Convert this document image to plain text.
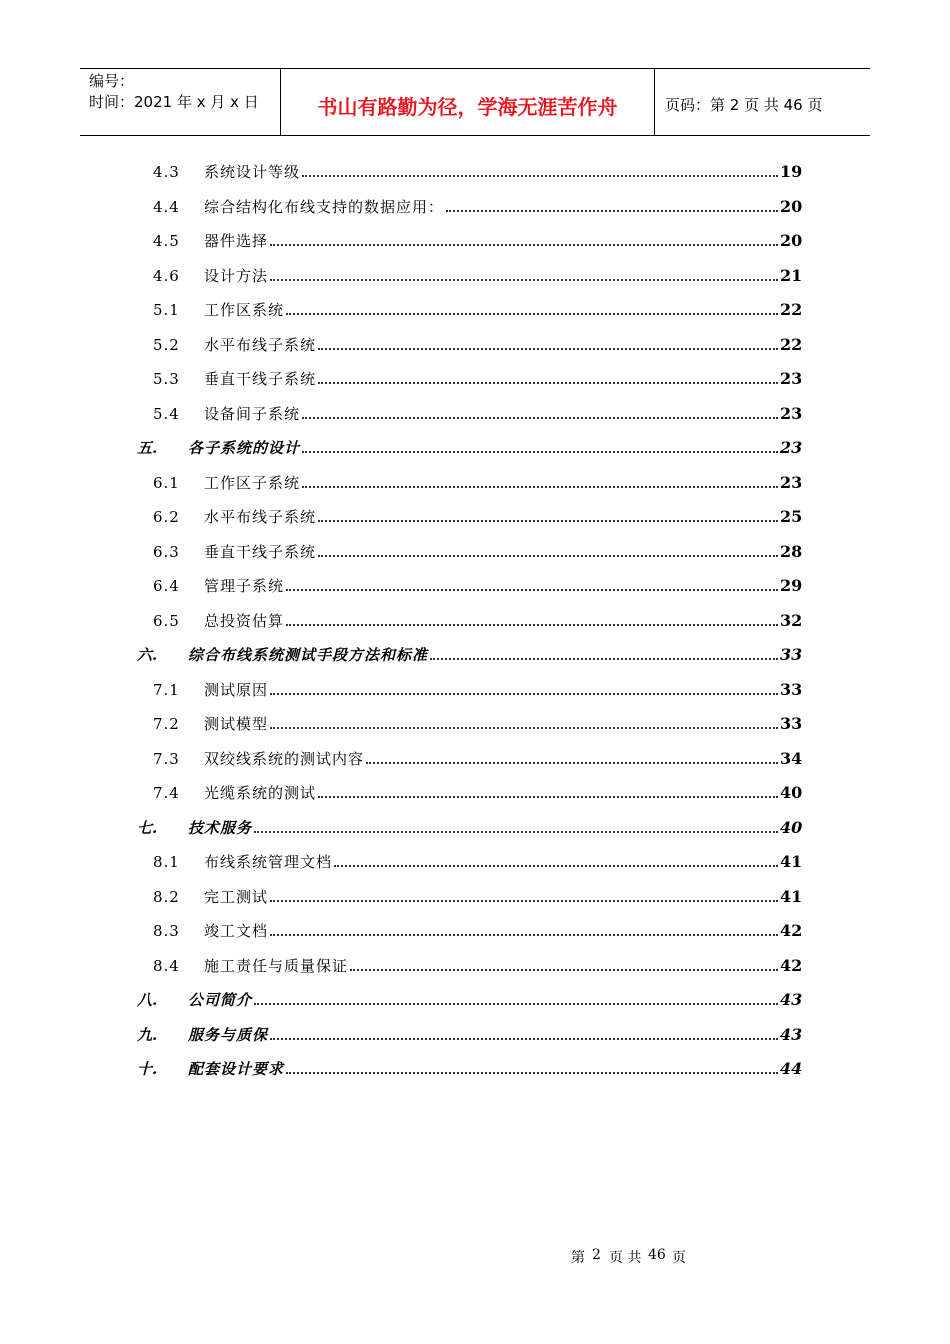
编号：
时间：2021 年 x 月 x 日	书山有路勤为径，学海无涯苦作舟	页码：第 2 页 共 46 页
4.3 系统设计等级	19
4.4 综合结构化布线支持的数据应用：	20
4.5 器件选择	20
4.6 设计方法	21
5.1 工作区系统	22
5.2 水平布线子系统	22
5.3 垂直干线子系统	23
5.4 设备间子系统	23
五. 各子系统的设计	23
6.1 工作区子系统	23
6.2 水平布线子系统	25
6.3 垂直干线子系统	28
6.4 管理子系统	29
6.5 总投资估算	32
六. 综合布线系统测试手段方法和标准	33
7.1 测试原因	33
7.2 测试模型	33
7.3 双绞线系统的测试内容	34
7.4 光缆系统的测试	40
七. 技术服务	40
8.1 布线系统管理文档	41
8.2 完工测试	41
8.3 竣工文档	42
8.4 施工责任与质量保证	42
八. 公司简介	43
九. 服务与质保	43
十. 配套设计要求	44
第 2 页 共 46 页
